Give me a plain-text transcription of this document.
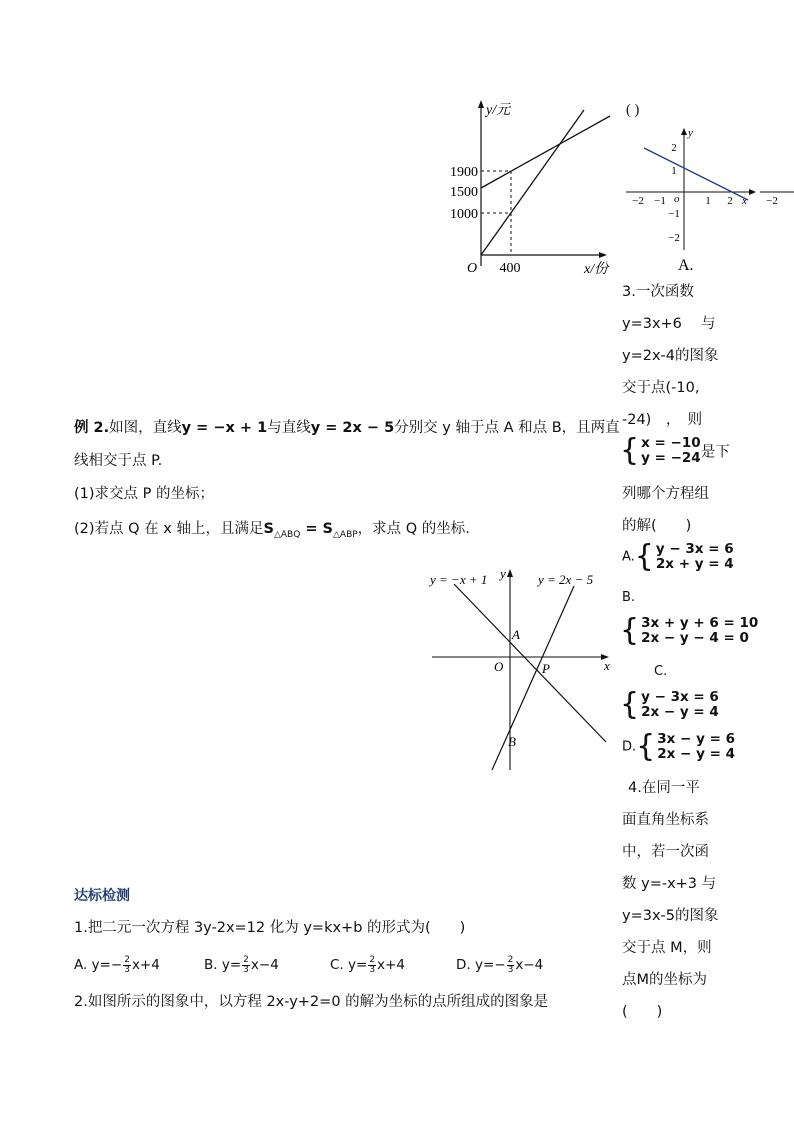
y/元
1900
1500
1000
O 400	x/份
( )
y
x
o
2
1
−1
−2
−2 −1	1 2	−2
A.
3.一次函数
y=3x+6　 与
y=2x-4的图象
交于点(-10,
-24)　，　则
{ x = −10
y = −24 是下
列哪个方程组
的解(　　)
A. { y − 3x = 6
2x + y = 4
B.
{ 3x + y + 6 = 10
2x − y − 4 = 0
C.
{ y − 3x = 6
2x − y = 4
D. { 3x − y = 6
2x − y = 4
4.在同一平
面直角坐标系
中，若一次函
数 y=-x+3 与
y=3x-5的图象
交于点 M，则
点M的坐标为
(　　)
例 2.如图，直线y = −x + 1与直线y = 2x − 5分别交 y 轴于点 A 和点 B，且两直
线相交于点 P.
(1)求交点 P 的坐标；
(2)若点 Q 在 x 轴上，且满足$S_{\triangle ABQ} = S_{\triangle ABP}$，求点 Q 的坐标.
y = −x + 1	y = 2x − 5
y
x
O
A
P
B
达标检测
1.把二元一次方程 3y-2x=12 化为 y=kx+b 的形式为(　　)
A. $y=- \frac{2}{3} x+4$	B. $y= \frac{2}{3} x-4$	C. $y= \frac{2}{3} x+4$	D. $y=- \frac{2}{3} x-4$
2.如图所示的图象中，以方程 2x-y+2=0 的解为坐标的点所组成的图象是
